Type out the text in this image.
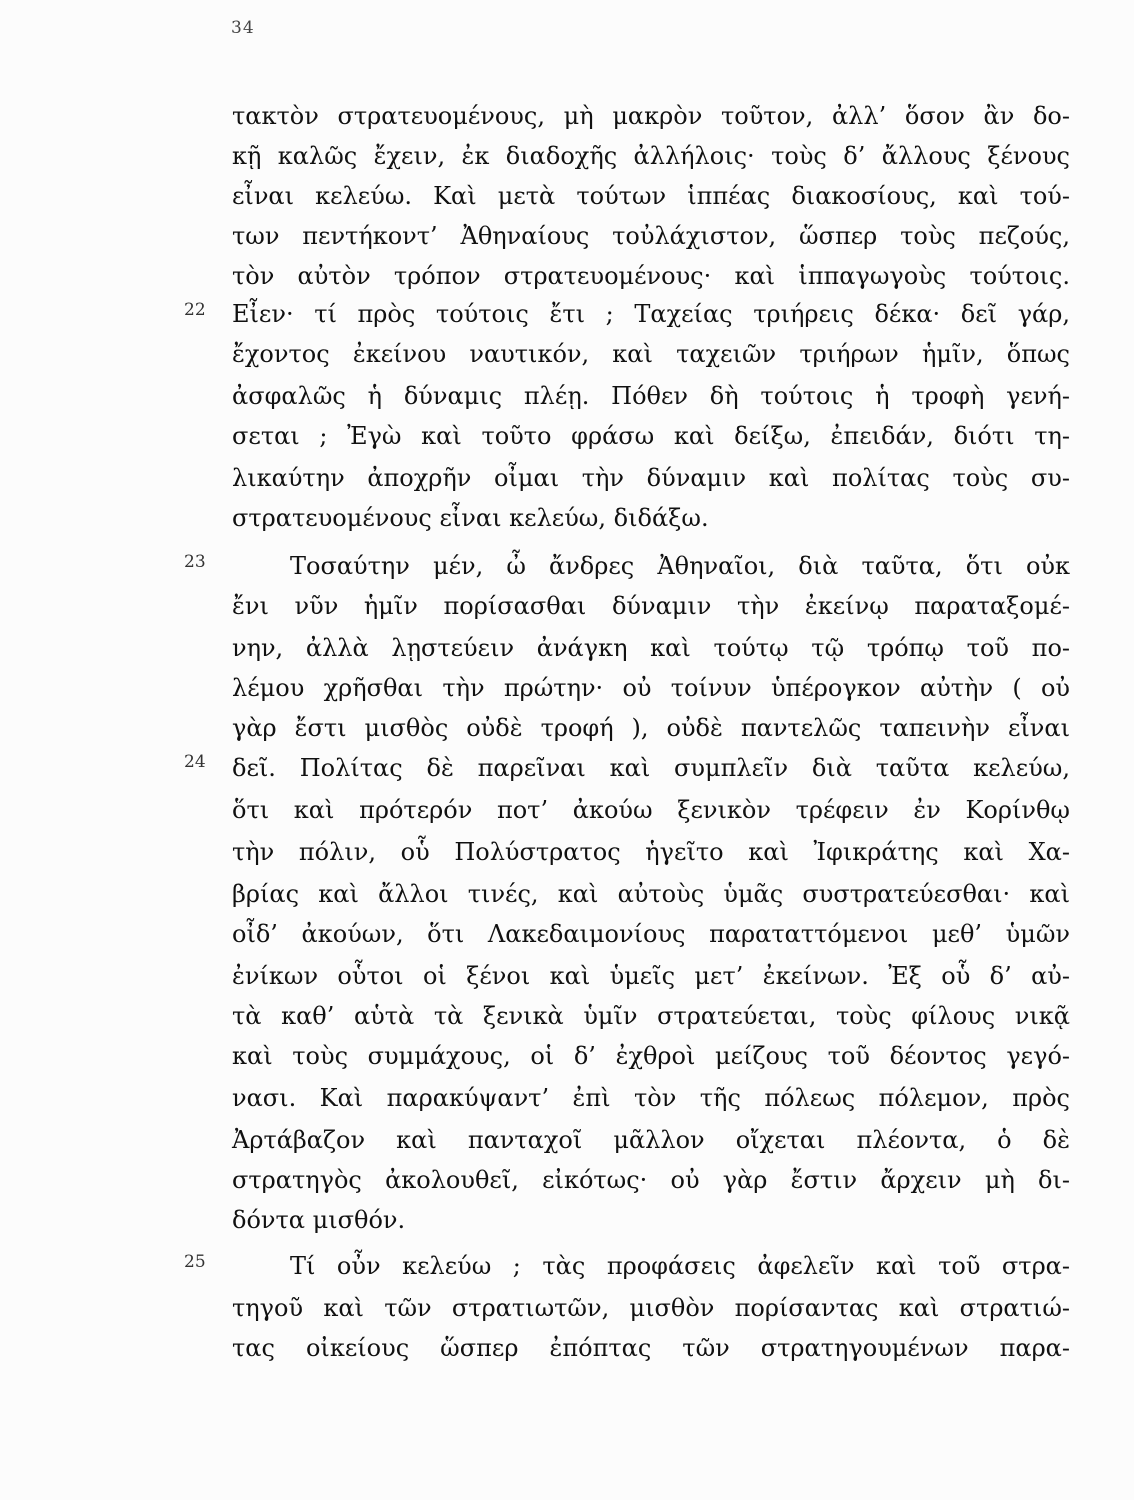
34
22
23
24
25
τακτὸν στρατευομένους, μὴ μακρὸν τοῦτον, ἀλλ’ ὅσον ἂν δο-
κῇ καλῶς ἔχειν, ἐκ διαδοχῆς ἀλλήλοις· τοὺς δ’ ἄλλους ξένους
εἶναι κελεύω. Καὶ μετὰ τούτων ἱππέας διακοσίους, καὶ τού-
των πεντήκοντ’ Ἀθηναίους τοὐλάχιστον, ὥσπερ τοὺς πεζούς,
τὸν αὐτὸν τρόπον στρατευομένους· καὶ ἱππαγωγοὺς τούτοις.
Εἶεν· τί πρὸς τούτοις ἔτι ; Ταχείας τριήρεις δέκα· δεῖ γάρ,
ἔχοντος ἐκείνου ναυτικόν, καὶ ταχειῶν τριήρων ἡμῖν, ὅπως
ἀσφαλῶς ἡ δύναμις πλέῃ. Πόθεν δὴ τούτοις ἡ τροφὴ γενή-
σεται ; Ἐγὼ καὶ τοῦτο φράσω καὶ δείξω, ἐπειδάν, διότι τη-
λικαύτην ἀποχρῆν οἶμαι τὴν δύναμιν καὶ πολίτας τοὺς συ-
στρατευομένους εἶναι κελεύω, διδάξω.
Τοσαύτην μέν, ὦ ἄνδρες Ἀθηναῖοι, διὰ ταῦτα, ὅτι οὐκ
ἔνι νῦν ἡμῖν πορίσασθαι δύναμιν τὴν ἐκείνῳ παραταξομέ-
νην, ἀλλὰ λῃστεύειν ἀνάγκη καὶ τούτῳ τῷ τρόπῳ τοῦ πο-
λέμου χρῆσθαι τὴν πρώτην· οὐ τοίνυν ὑπέρογκον αὐτὴν ( οὐ
γὰρ ἔστι μισθὸς οὐδὲ τροφή ), οὐδὲ παντελῶς ταπεινὴν εἶναι
δεῖ. Πολίτας δὲ παρεῖναι καὶ συμπλεῖν διὰ ταῦτα κελεύω,
ὅτι καὶ πρότερόν ποτ’ ἀκούω ξενικὸν τρέφειν ἐν Κορίνθῳ
τὴν πόλιν, οὗ Πολύστρατος ἡγεῖτο καὶ Ἰφικράτης καὶ Χα-
βρίας καὶ ἄλλοι τινές, καὶ αὐτοὺς ὑμᾶς συστρατεύεσθαι· καὶ
οἶδ’ ἀκούων, ὅτι Λακεδαιμονίους παραταττόμενοι μεθ’ ὑμῶν
ἐνίκων οὗτοι οἱ ξένοι καὶ ὑμεῖς μετ’ ἐκείνων. Ἐξ οὗ δ’ αὐ-
τὰ καθ’ αὑτὰ τὰ ξενικὰ ὑμῖν στρατεύεται, τοὺς φίλους νικᾷ
καὶ τοὺς συμμάχους, οἱ δ’ ἐχθροὶ μείζους τοῦ δέοντος γεγό-
νασι. Καὶ παρακύψαντ’ ἐπὶ τὸν τῆς πόλεως πόλεμον, πρὸς
Ἀρτάβαζον καὶ πανταχοῖ μᾶλλον οἴχεται πλέοντα, ὁ δὲ
στρατηγὸς ἀκολουθεῖ, εἰκότως· οὐ γὰρ ἔστιν ἄρχειν μὴ δι-
δόντα μισθόν.
Τί οὖν κελεύω ; τὰς προφάσεις ἀφελεῖν καὶ τοῦ στρα-
τηγοῦ καὶ τῶν στρατιωτῶν, μισθὸν πορίσαντας καὶ στρατιώ-
τας οἰκείους ὥσπερ ἐπόπτας τῶν στρατηγουμένων παρα-
